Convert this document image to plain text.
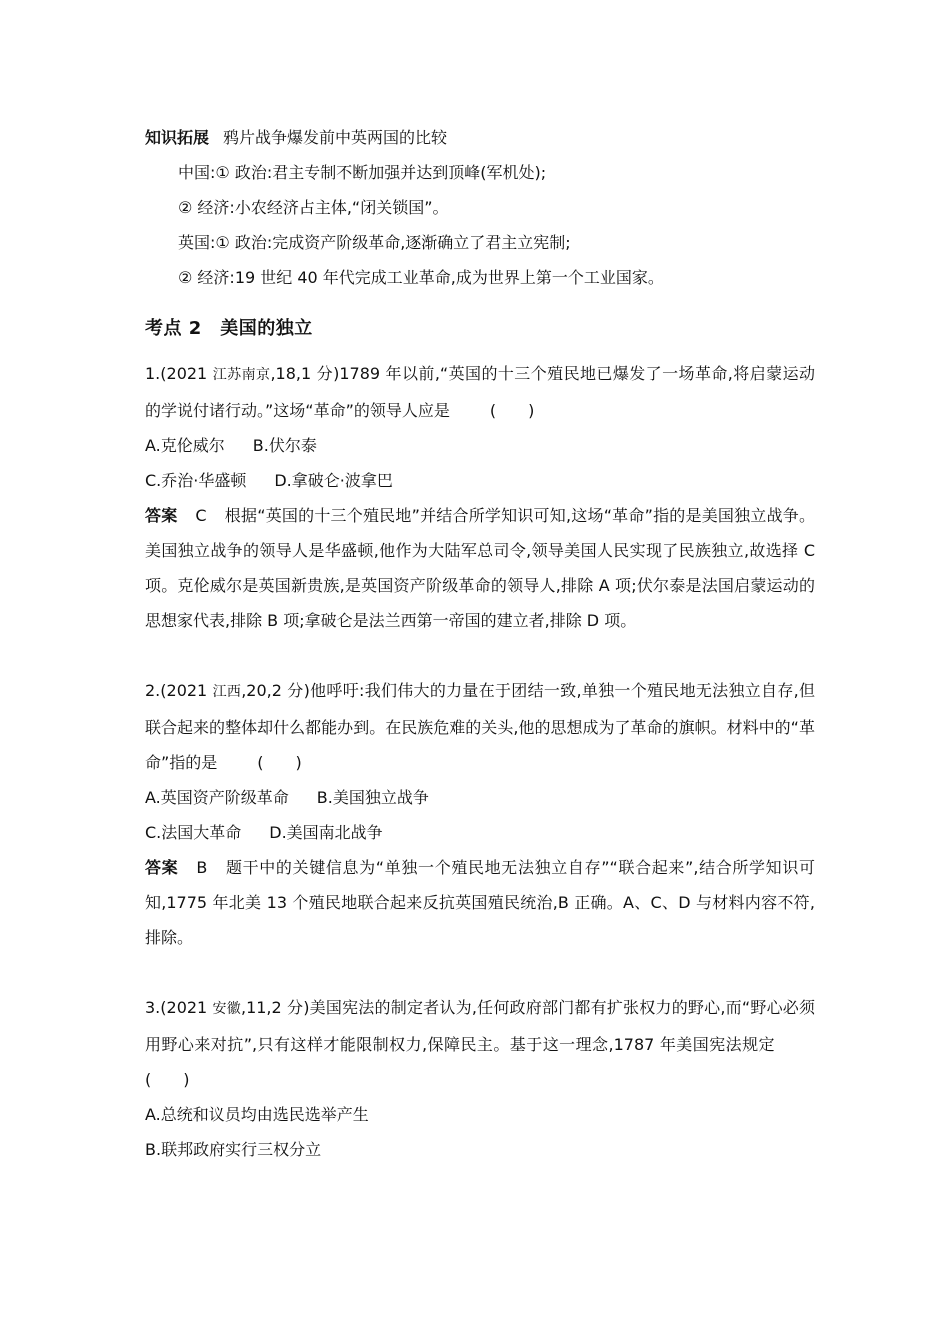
知识拓展 鸦片战争爆发前中英两国的比较

中国:① 政治:君主专制不断加强并达到顶峰(军机处);

② 经济:小农经济占主体,“闭关锁国”。

英国:① 政治:完成资产阶级革命,逐渐确立了君主立宪制;

② 经济:19 世纪 40 年代完成工业革命,成为世界上第一个工业国家。

考点 2　美国的独立

1.(2021 江苏南京,18,1 分)1789 年以前,“英国的十三个殖民地已爆发了一场革命,将启蒙运动的学说付诸行动。”这场“革命”的领导人应是	(　　)

A.克伦威尔 B.伏尔泰

C.乔治·华盛顿 D.拿破仑·波拿巴

答案 C 根据“英国的十三个殖民地”并结合所学知识可知,这场“革命”指的是美国独立战争。美国独立战争的领导人是华盛顿,他作为大陆军总司令,领导美国人民实现了民族独立,故选择 C 项。克伦威尔是英国新贵族,是英国资产阶级革命的领导人,排除 A 项;伏尔泰是法国启蒙运动的思想家代表,排除 B 项;拿破仑是法兰西第一帝国的建立者,排除 D 项。

2.(2021 江西,20,2 分)他呼吁:我们伟大的力量在于团结一致,单独一个殖民地无法独立自存,但联合起来的整体却什么都能办到。在民族危难的关头,他的思想成为了革命的旗帜。材料中的“革命”指的是	(　　)

A.英国资产阶级革命 B.美国独立战争

C.法国大革命 D.美国南北战争

答案 B 题干中的关键信息为“单独一个殖民地无法独立自存”“联合起来”,结合所学知识可知,1775 年北美 13 个殖民地联合起来反抗英国殖民统治,B 正确。A、C、D 与材料内容不符,排除。

3.(2021 安徽,11,2 分)美国宪法的制定者认为,任何政府部门都有扩张权力的野心,而“野心必须用野心来对抗”,只有这样才能限制权力,保障民主。基于这一理念,1787 年美国宪法规定(　　)

A.总统和议员均由选民选举产生

B.联邦政府实行三权分立
